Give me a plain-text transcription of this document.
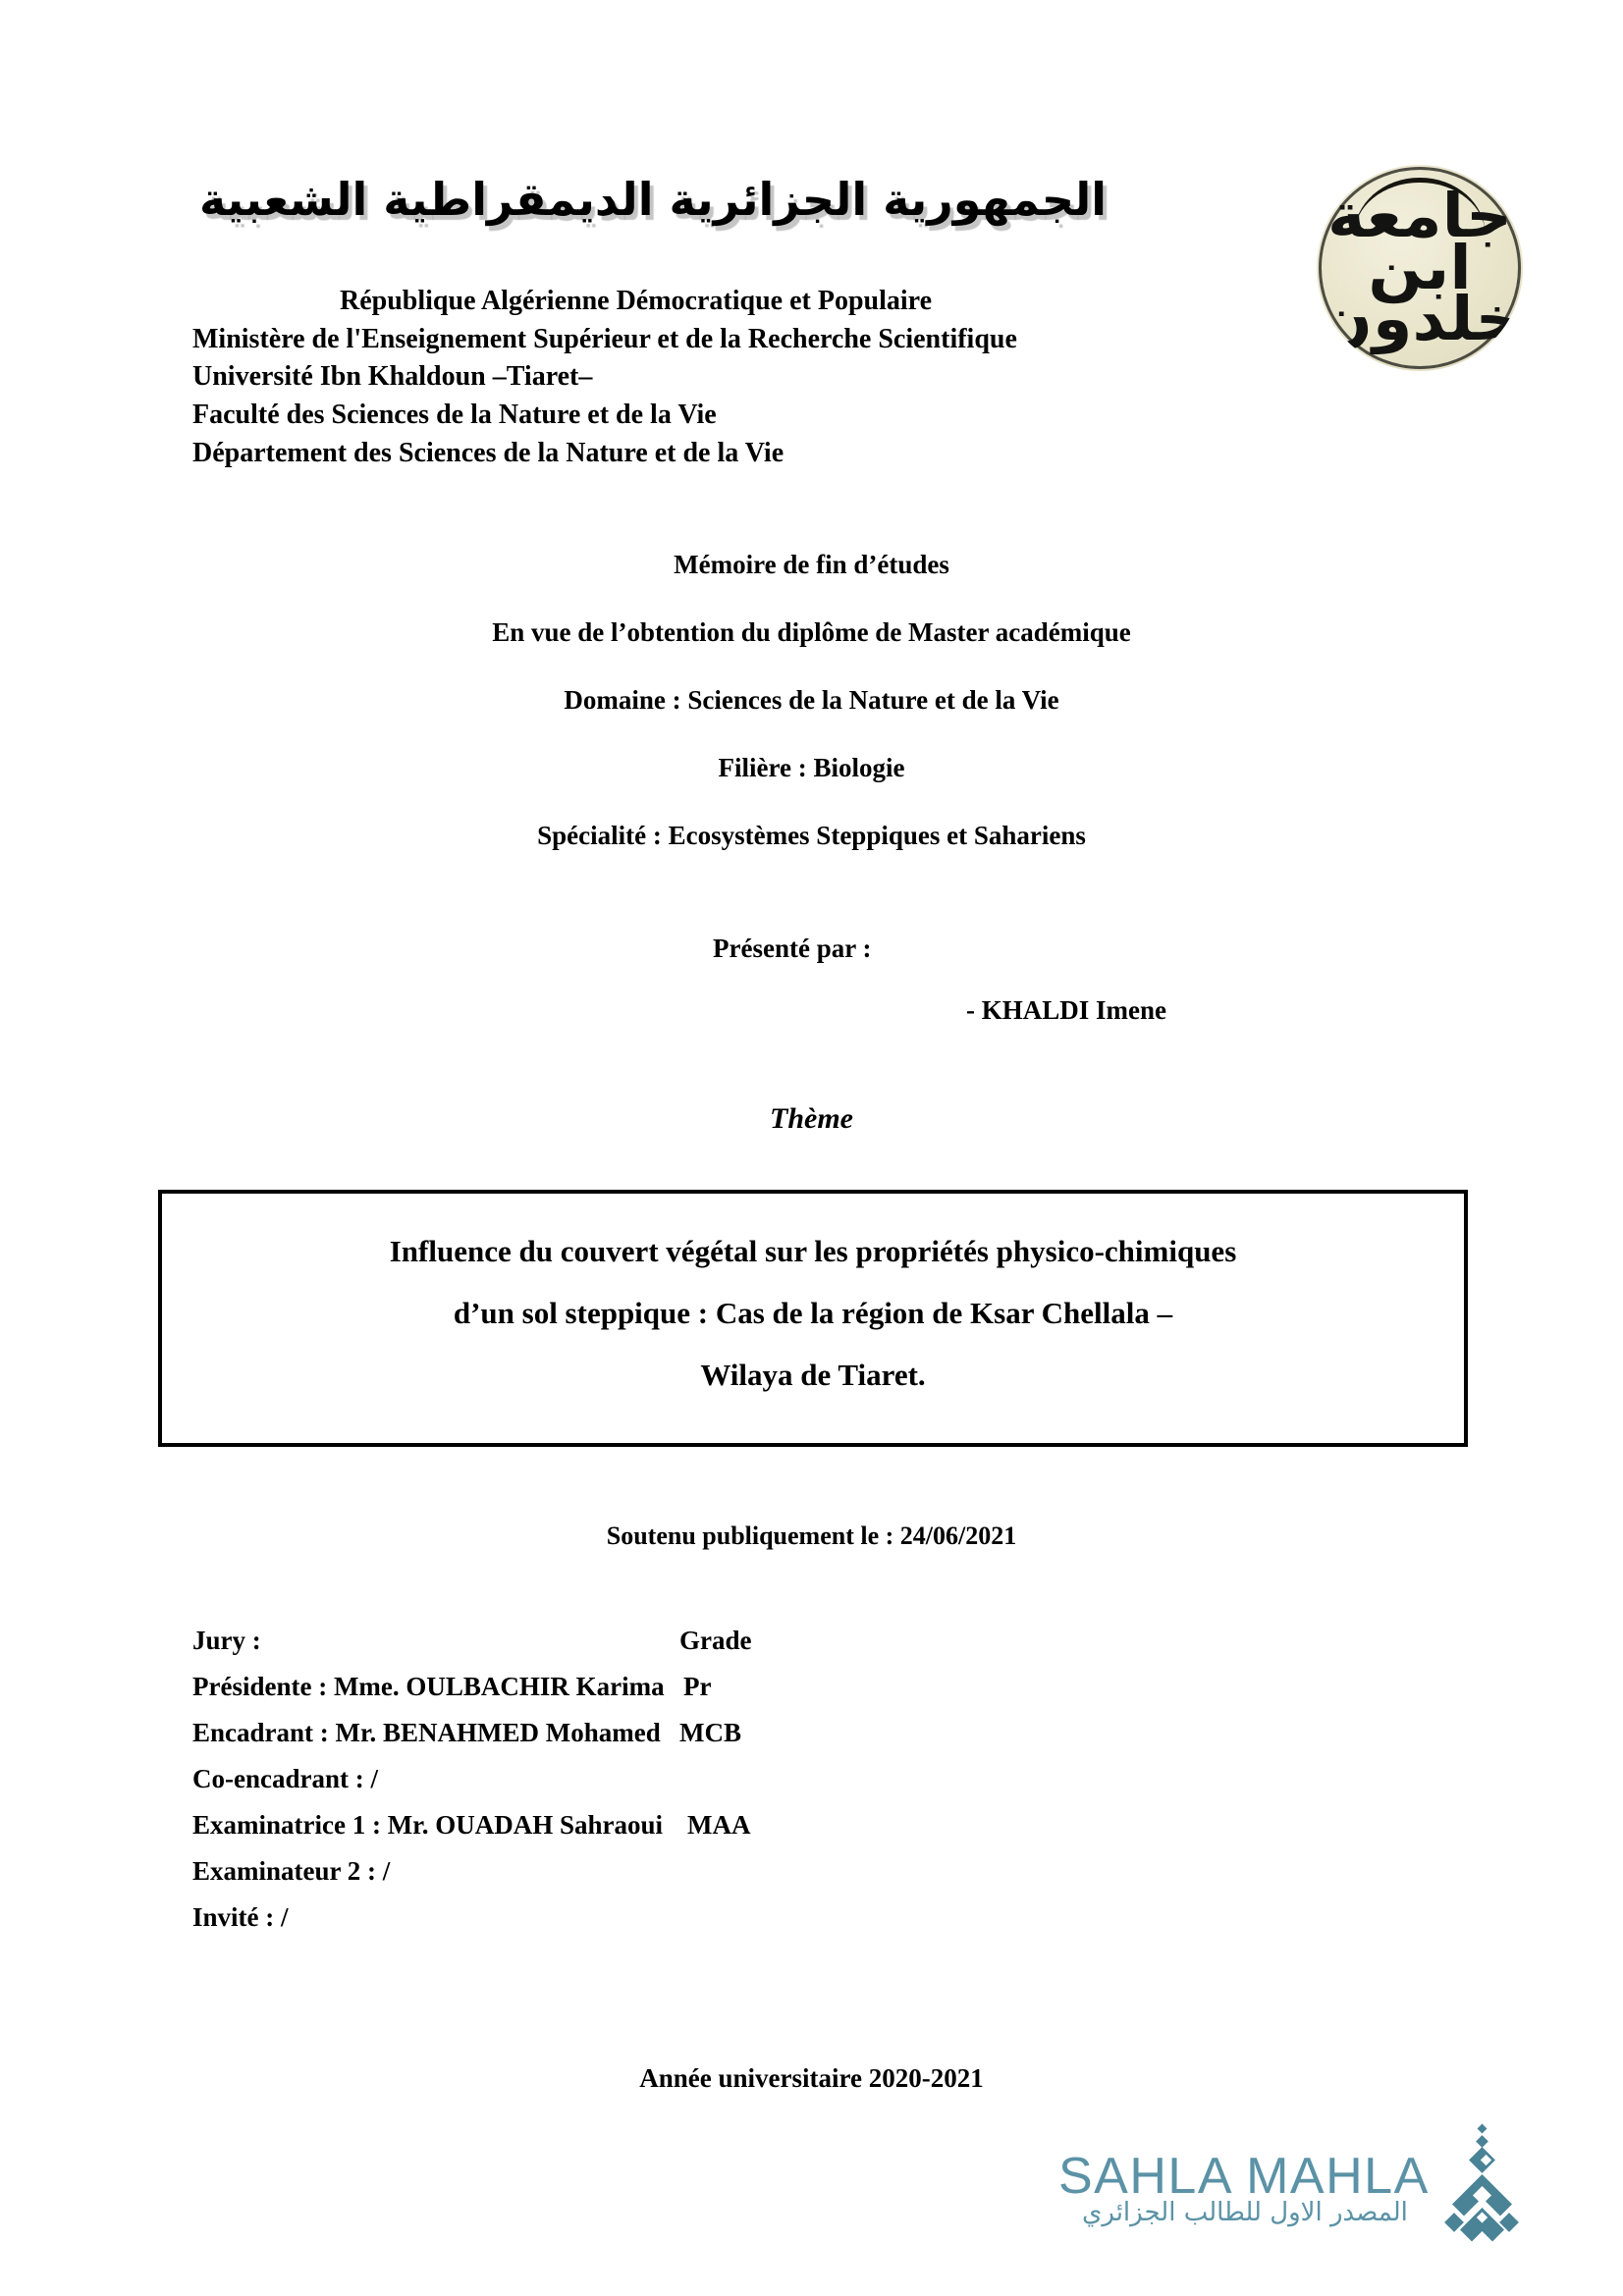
الجمهورية الجزائرية الديمقراطية الشعبية	جامعة ابن خلدون
République Algérienne Démocratique et Populaire
Ministère de l'Enseignement Supérieur et de la Recherche Scientifique
Université Ibn Khaldoun –Tiaret–
Faculté des Sciences de la Nature et de la Vie
Département des Sciences de la Nature et de la Vie
Mémoire de fin d’études
En vue de l’obtention du diplôme de Master académique
Domaine : Sciences de la Nature et de la Vie
Filière : Biologie
Spécialité : Ecosystèmes Steppiques et Sahariens
Présenté par :
- KHALDI Imene
Thème
Influence du couvert végétal sur les propriétés physico-chimiques
d’un sol steppique : Cas de la région de Ksar Chellala –
Wilaya de Tiaret.
Soutenu publiquement le : 24/06/2021
Jury :	Grade
Présidente : Mme. OULBACHIR Karima Pr
Encadrant : Mr. BENAHMED Mohamed MCB
Co-encadrant : /
Examinatrice 1 : Mr. OUADAH Sahraoui MAA
Examinateur 2 : /
Invité : /
Année universitaire 2020-2021
SAHLA MAHLA
المصدر الاول للطالب الجزائري
